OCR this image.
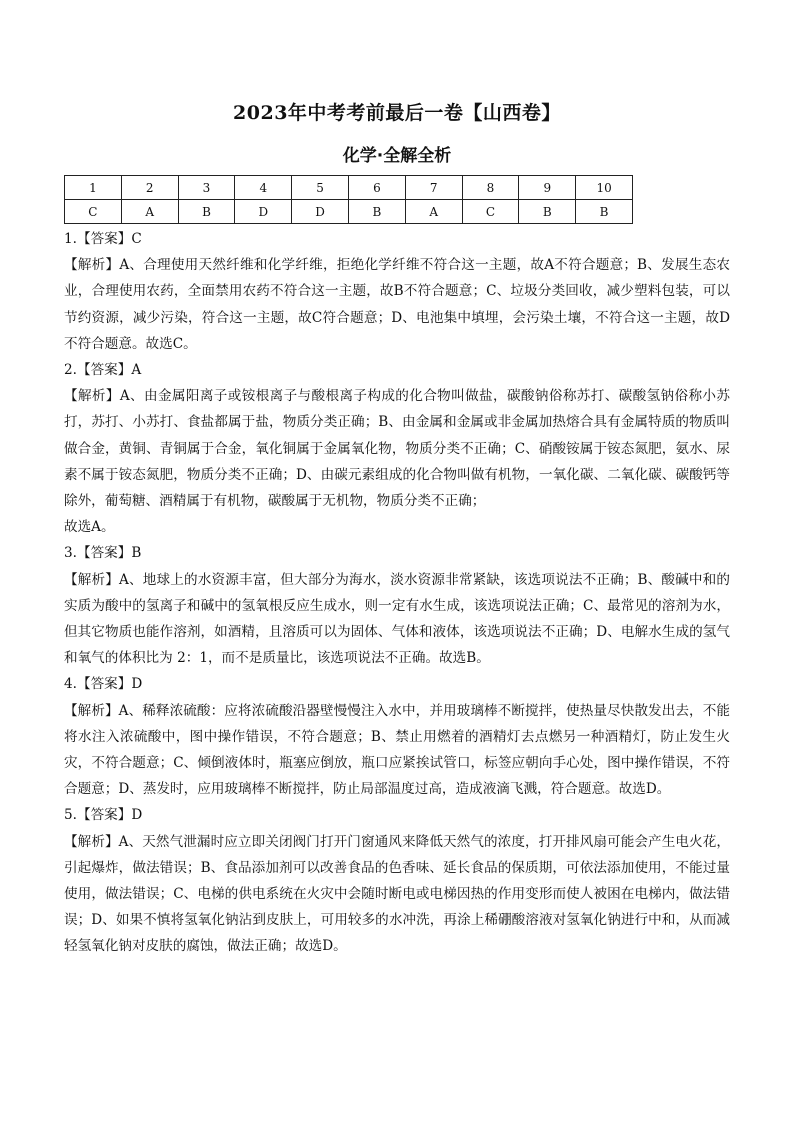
2023年中考考前最后一卷【山西卷】
化学·全解全析
1	2	3	4	5	6	7	8	9	10
C	A	B	D	D	B	A	C	B	B

1.【答案】C

【解析】A、合理使用天然纤维和化学纤维，拒绝化学纤维不符合这一主题，故A不符合题意；B、发展生态农业，合理使用农药，全面禁用农药不符合这一主题，故B不符合题意；C、垃圾分类回收，减少塑料包装，可以节约资源，减少污染，符合这一主题，故C符合题意；D、电池集中填埋，会污染土壤，不符合这一主题，故D不符合题意。故选C。

2.【答案】A

【解析】A、由金属阳离子或铵根离子与酸根离子构成的化合物叫做盐，碳酸钠俗称苏打、碳酸氢钠俗称小苏打，苏打、小苏打、食盐都属于盐，物质分类正确；B、由金属和金属或非金属加热熔合具有金属特质的物质叫做合金，黄铜、青铜属于合金，氧化铜属于金属氧化物，物质分类不正确；C、硝酸铵属于铵态氮肥，氨水、尿素不属于铵态氮肥，物质分类不正确；D、由碳元素组成的化合物叫做有机物，一氧化碳、二氧化碳、碳酸钙等除外，葡萄糖、酒精属于有机物，碳酸属于无机物，物质分类不正确；

故选A。

3.【答案】B

【解析】A、地球上的水资源丰富，但大部分为海水，淡水资源非常紧缺，该选项说法不正确；B、酸碱中和的实质为酸中的氢离子和碱中的氢氧根反应生成水，则一定有水生成，该选项说法正确；C、最常见的溶剂为水，但其它物质也能作溶剂，如酒精，且溶质可以为固体、气体和液体，该选项说法不正确；D、电解水生成的氢气和氧气的体积比为 2：1，而不是质量比，该选项说法不正确。故选B。

4.【答案】D

【解析】A、稀释浓硫酸：应将浓硫酸沿器壁慢慢注入水中，并用玻璃棒不断搅拌，使热量尽快散发出去，不能将水注入浓硫酸中，图中操作错误，不符合题意；B、禁止用燃着的酒精灯去点燃另一种酒精灯，防止发生火灾，不符合题意；C、倾倒液体时，瓶塞应倒放，瓶口应紧挨试管口，标签应朝向手心处，图中操作错误，不符合题意；D、蒸发时，应用玻璃棒不断搅拌，防止局部温度过高，造成液滴飞溅，符合题意。故选D。

5.【答案】D

【解析】A、天然气泄漏时应立即关闭阀门打开门窗通风来降低天然气的浓度，打开排风扇可能会产生电火花，引起爆炸，做法错误；B、食品添加剂可以改善食品的色香味、延长食品的保质期，可依法添加使用，不能过量使用，做法错误；C、电梯的供电系统在火灾中会随时断电或电梯因热的作用变形而使人被困在电梯内，做法错误；D、如果不慎将氢氧化钠沾到皮肤上，可用较多的水冲洗，再涂上稀硼酸溶液对氢氧化钠进行中和，从而减轻氢氧化钠对皮肤的腐蚀，做法正确；故选D。
